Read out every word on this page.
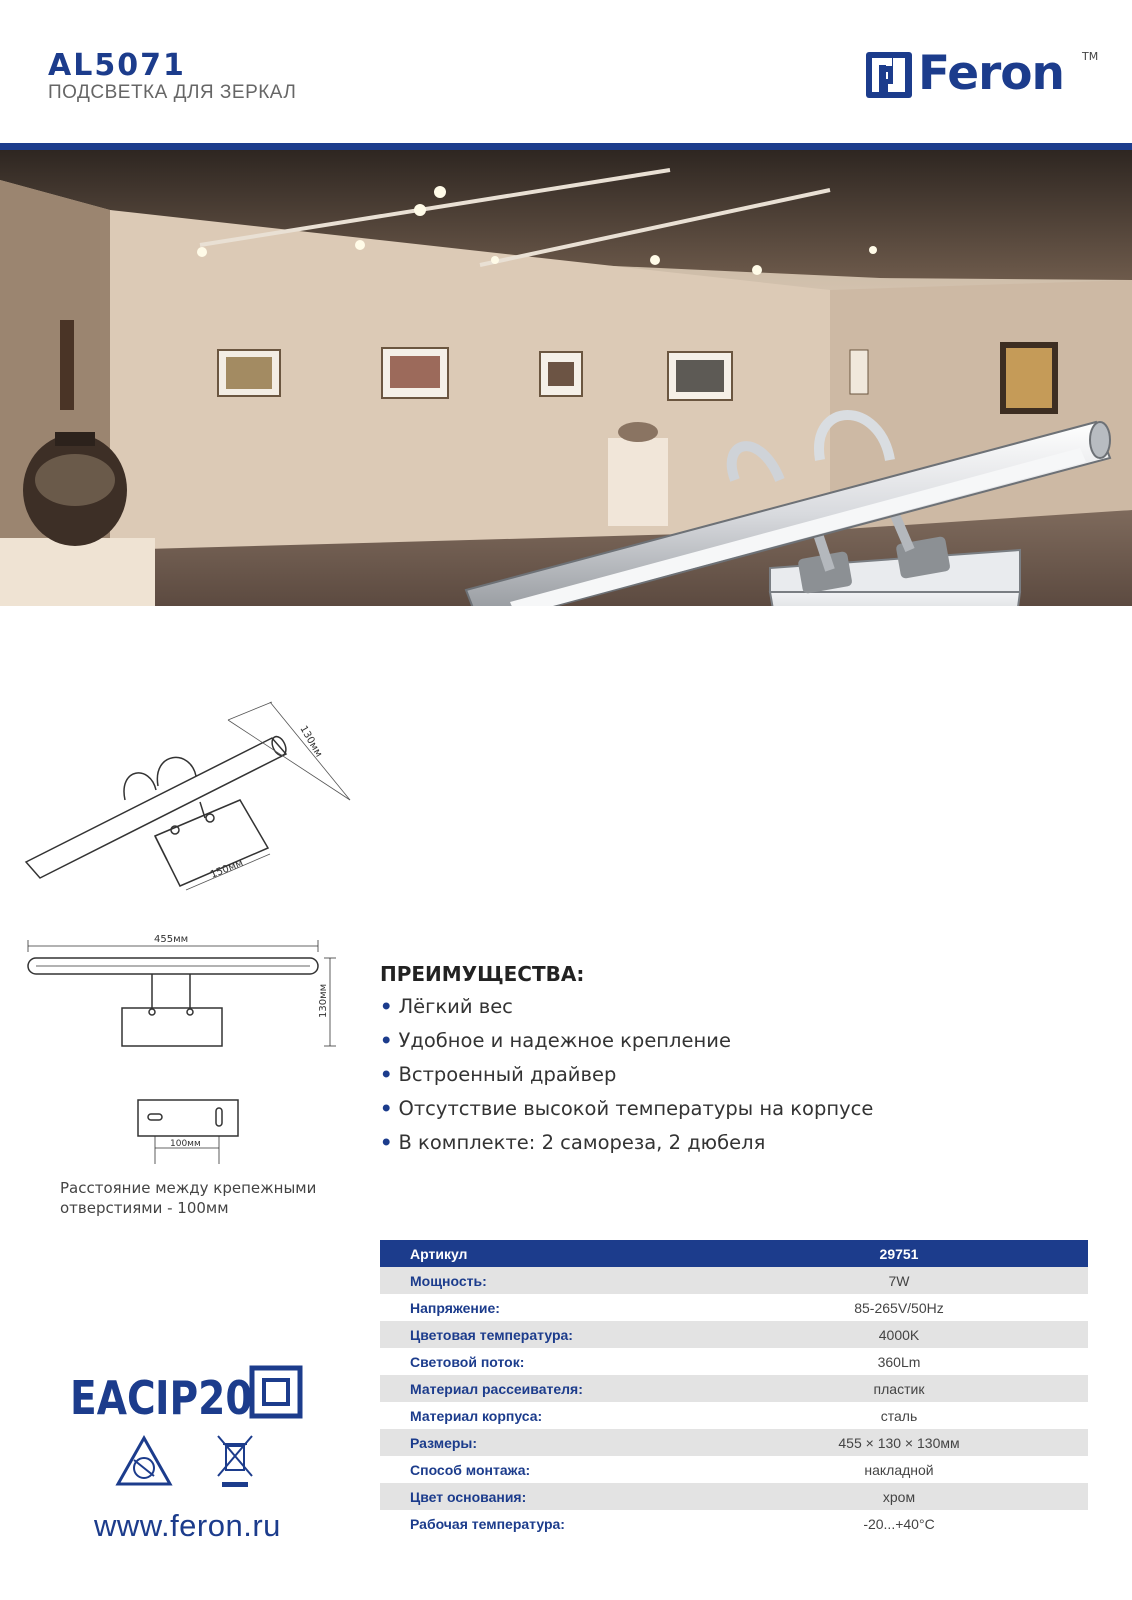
AL5071
ПОДСВЕТКА ДЛЯ ЗЕРКАЛ	Feron TM
130мм
150мм
455мм
130мм
100мм
Расстояние между крепежными отверстиями - 100мм
ПРЕИМУЩЕСТВА:
• Лёгкий вес
• Удобное и надежное крепление
• Встроенный драйвер
• Отсутствие высокой температуры на корпусе
• В комплекте: 2 самореза, 2 дюбеля
Артикул	29751
Мощность:	7W
Напряжение:	85-265V/50Hz
Цветовая температура:	4000K
Световой поток:	360Lm
Материал рассеивателя:	пластик
Материал корпуса:	сталь
Размеры:	455 × 130 × 130мм
Способ монтажа:	накладной
Цвет основания:	хром
Рабочая температура:	-20...+40°C
ЕАС IP20
www.feron.ru
